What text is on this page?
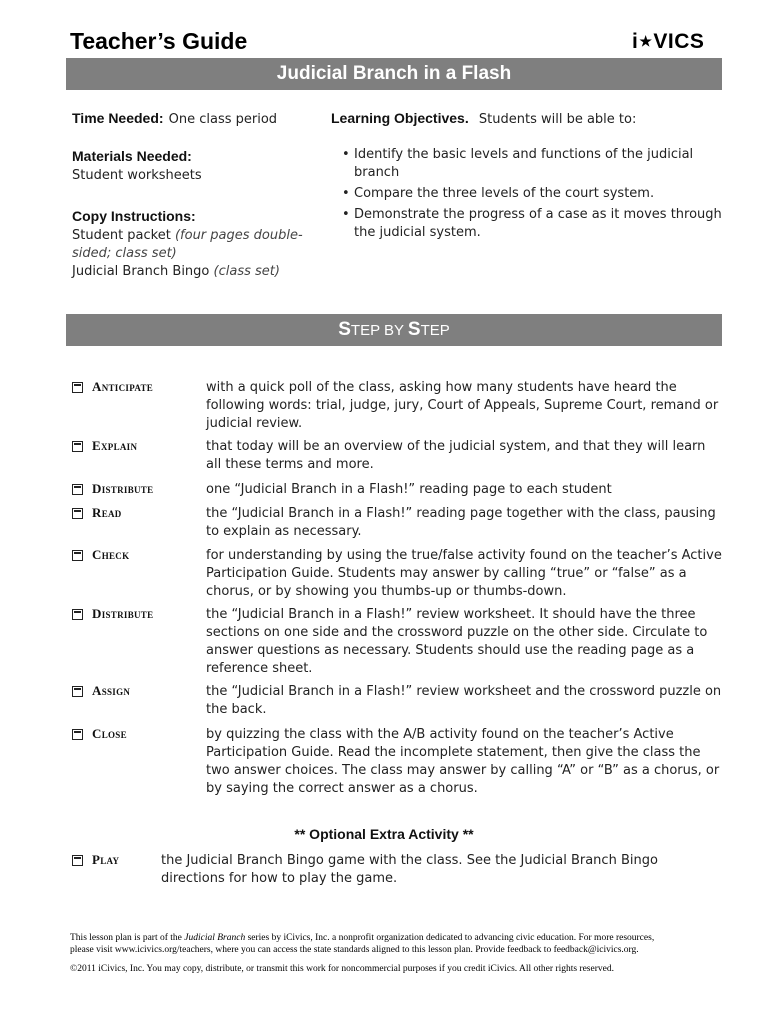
Teacher’s Guide	i★VICS
Judicial Branch in a Flash
Time Needed: One class period
Materials Needed:
Student worksheets
Copy Instructions:
Student packet (four pages double-
sided; class set)
Judicial Branch Bingo (class set)
Learning Objectives. Students will be able to:
• Identify the basic levels and functions of the judicial branch
• Compare the three levels of the court system.
• Demonstrate the progress of a case as it moves through the judicial system.
STEP BY STEP
Anticipate	with a quick poll of the class, asking how many students have heard the following words: trial, judge, jury, Court of Appeals, Supreme Court, remand or judicial review.
Explain	that today will be an overview of the judicial system, and that they will learn all these terms and more.
Distribute	one “Judicial Branch in a Flash!” reading page to each student
Read	the “Judicial Branch in a Flash!” reading page together with the class, pausing to explain as necessary.
Check	for understanding by using the true/false activity found on the teacher’s Active Participation Guide. Students may answer by calling “true” or “false” as a chorus, or by showing you thumbs-up or thumbs-down.
Distribute	the “Judicial Branch in a Flash!” review worksheet. It should have the three sections on one side and the crossword puzzle on the other side. Circulate to answer questions as necessary. Students should use the reading page as a reference sheet.
Assign	the “Judicial Branch in a Flash!” review worksheet and the crossword puzzle on the back.
Close	by quizzing the class with the A/B activity found on the teacher’s Active Participation Guide. Read the incomplete statement, then give the class the two answer choices. The class may answer by calling “A” or “B” as a chorus, or by saying the correct answer as a chorus.
** Optional Extra Activity **
Play	the Judicial Branch Bingo game with the class. See the Judicial Branch Bingo directions for how to play the game.
This lesson plan is part of the Judicial Branch series by iCivics, Inc. a nonprofit organization dedicated to advancing civic education. For more resources,
please visit www.icivics.org/teachers, where you can access the state standards aligned to this lesson plan. Provide feedback to feedback@icivics.org.
©2011 iCivics, Inc. You may copy, distribute, or transmit this work for noncommercial purposes if you credit iCivics. All other rights reserved.
